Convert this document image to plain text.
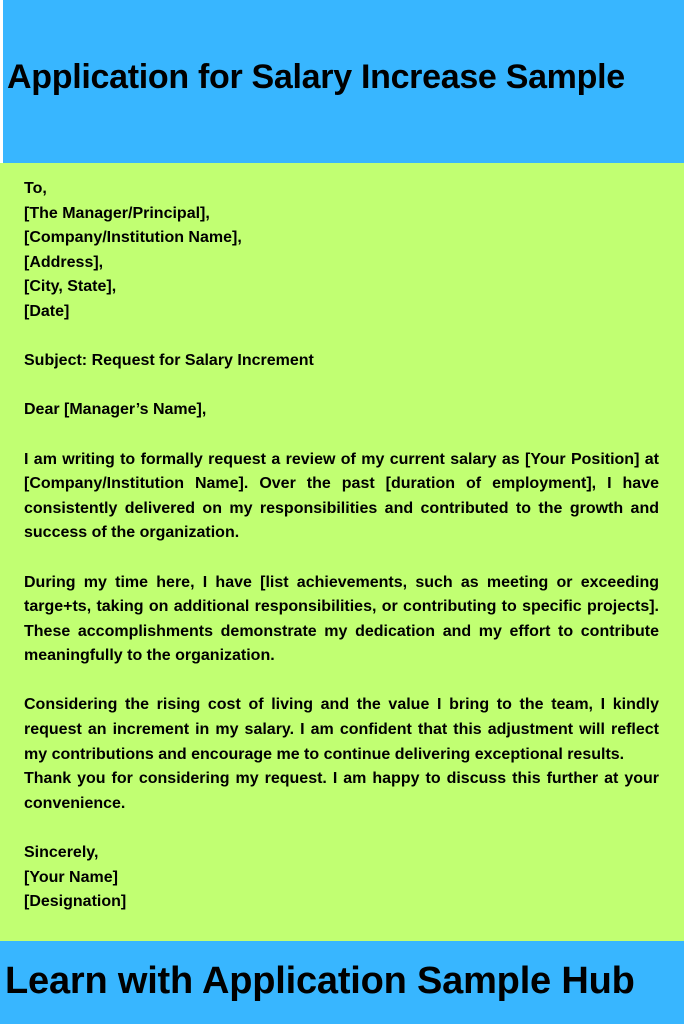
Application for Salary Increase Sample
To,
[The Manager/Principal],
[Company/Institution Name],
[Address],
[City, State],
[Date]
Subject: Request for Salary Increment
Dear [Manager’s Name],

I am writing to formally request a review of my current salary as [Your Position] at [Company/Institution Name]. Over the past [duration of employment], I have consistently delivered on my responsibilities and contributed to the growth and success of the organization.

During my time here, I have [list achievements, such as meeting or exceeding targe+ts, taking on additional responsibilities, or contributing to specific projects]. These accomplishments demonstrate my dedication and my effort to contribute meaningfully to the organization.

Considering the rising cost of living and the value I bring to the team, I kindly request an increment in my salary. I am confident that this adjustment will reflect my contributions and encourage me to continue delivering exceptional results.

Thank you for considering my request. I am happy to discuss this further at your convenience.

Sincerely,
[Your Name]
[Designation]

Learn with Application Sample Hub
